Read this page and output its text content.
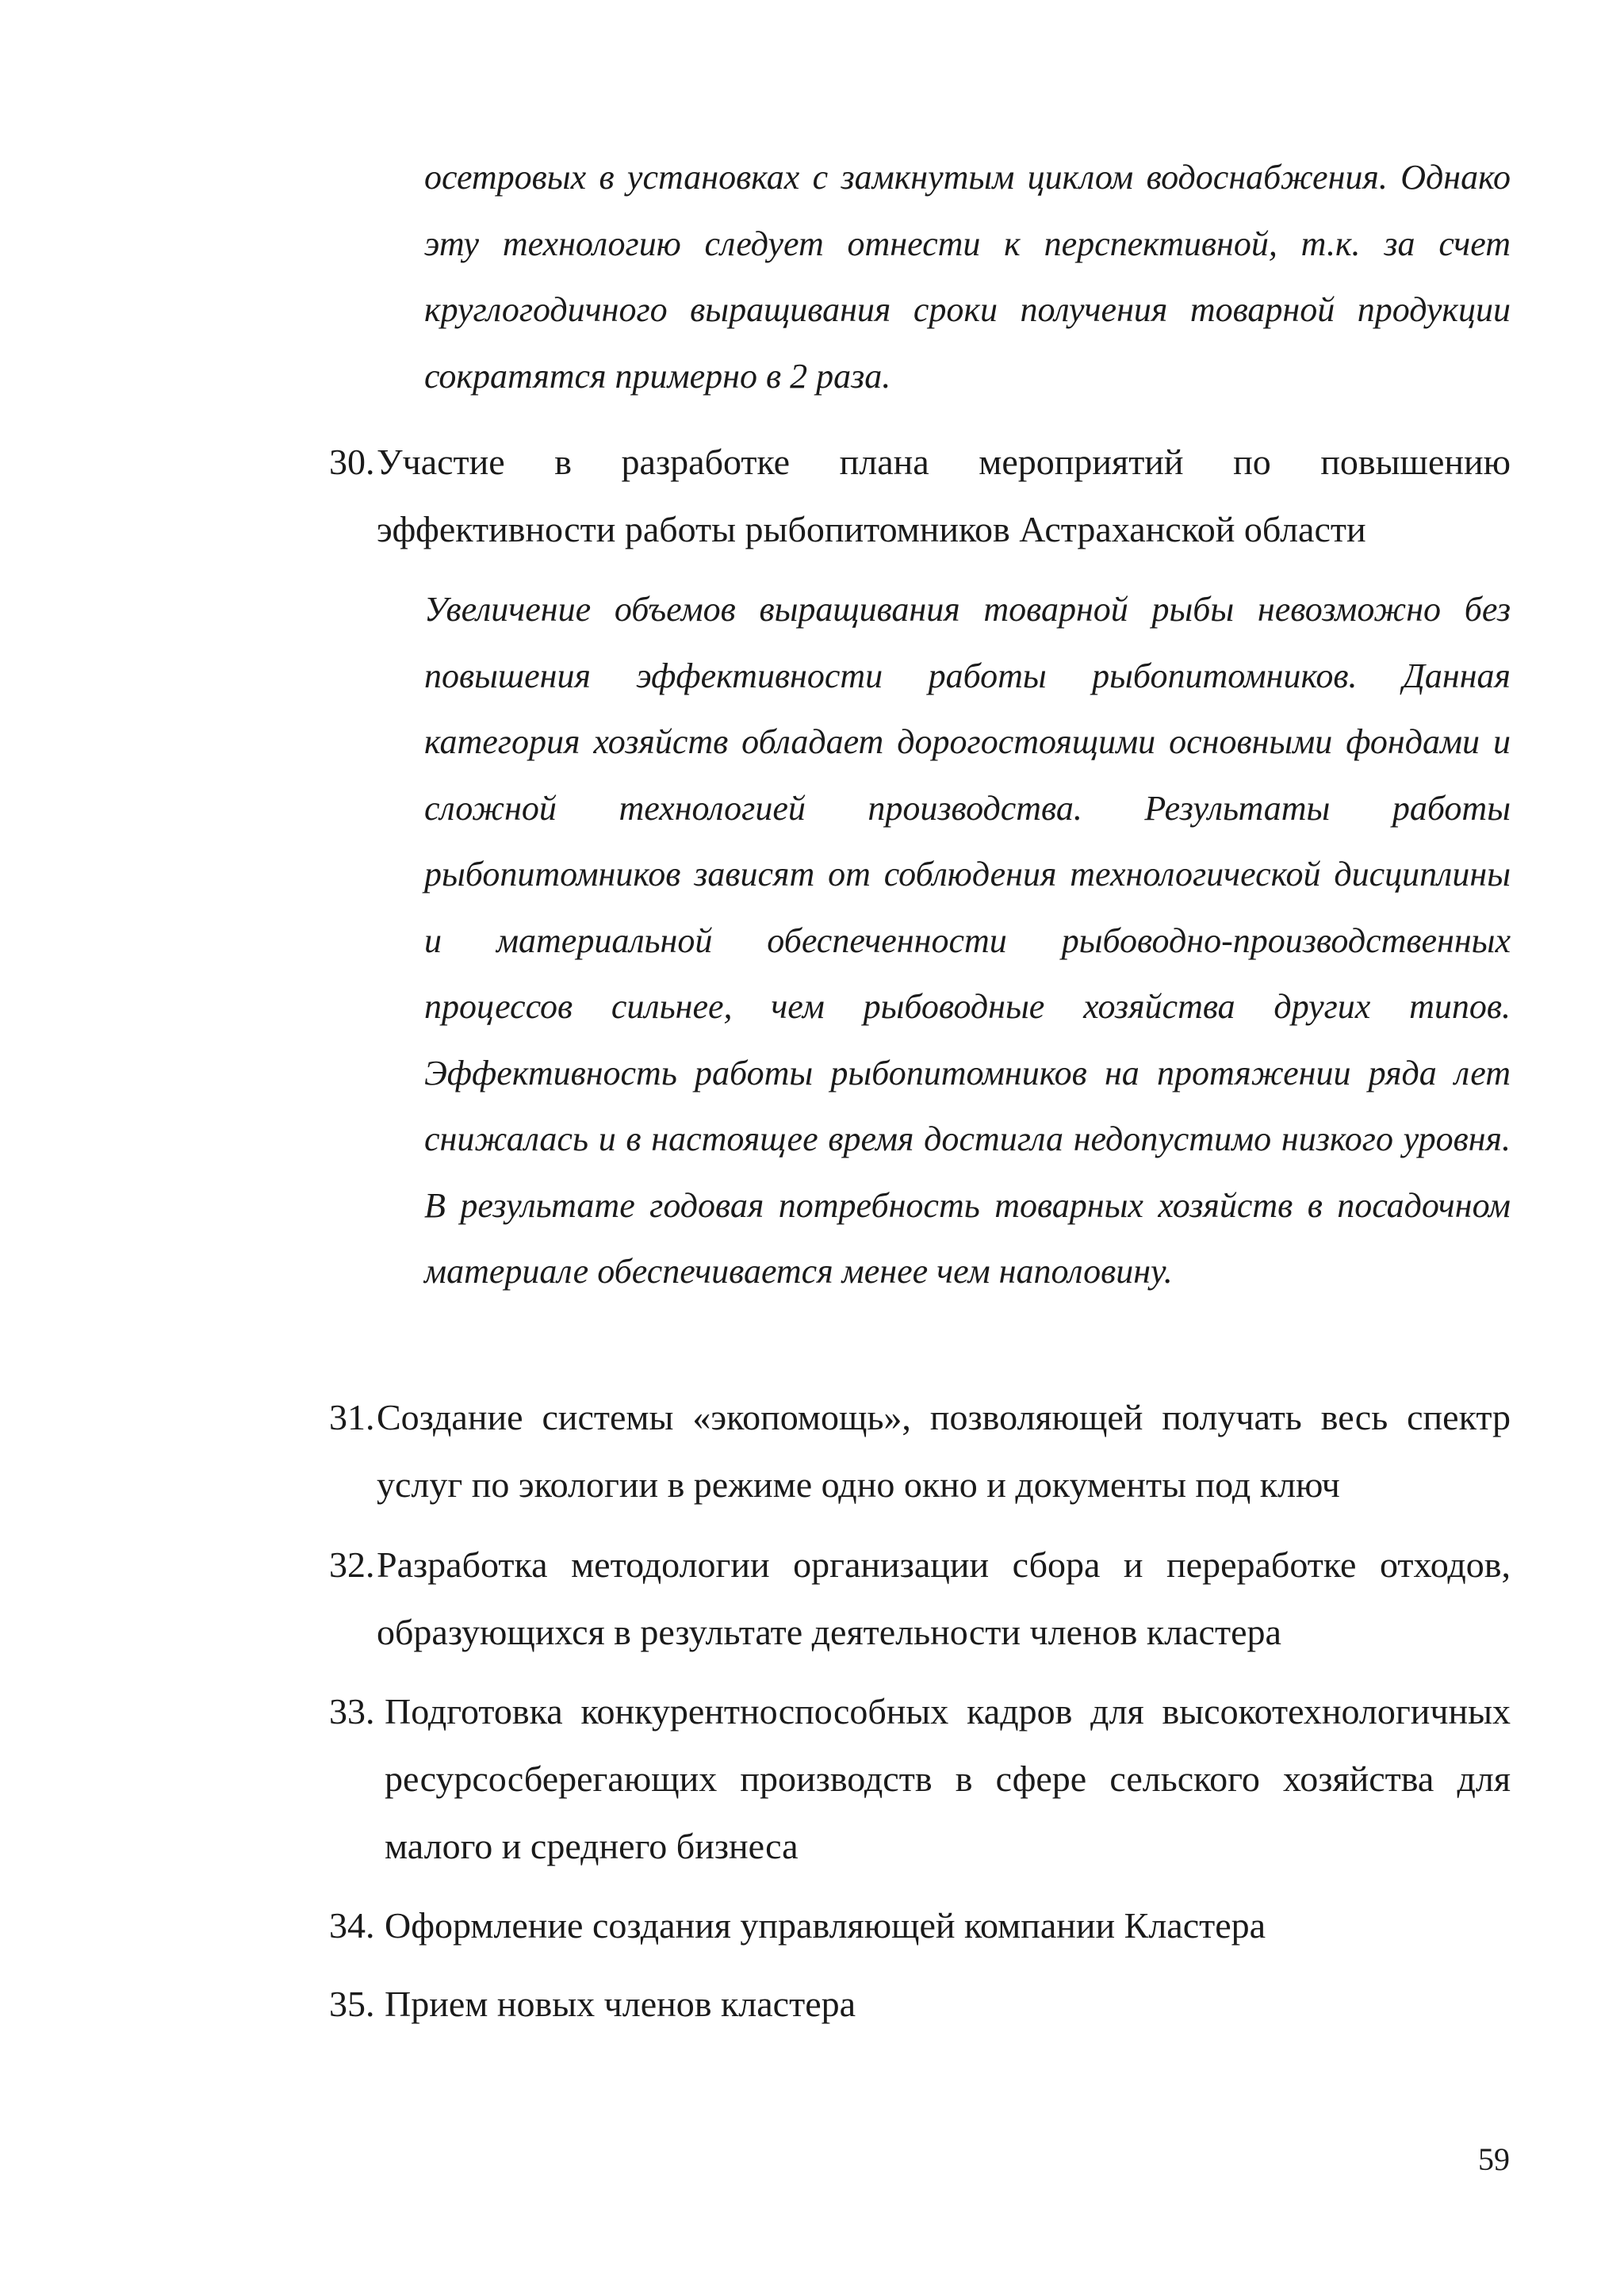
осетровых в установках с замкнутым циклом водоснабжения. Однако эту технологию следует отнести к перспективной, т.к. за счет круглогодичного выращивания сроки получения товарной продукции сократятся примерно в 2 раза.

30. Участие в разработке плана мероприятий по повышению эффективности работы рыбопитомников Астраханской области

Увеличение объемов выращивания товарной рыбы невозможно без повышения эффективности работы рыбопитомников. Данная категория хозяйств обладает дорогостоящими основными фондами и сложной технологией производства. Результаты работы рыбопитомников зависят от соблюдения технологической дисциплины и материальной обеспеченности рыбоводно-производственных процессов сильнее, чем рыбоводные хозяйства других типов. Эффективность работы рыбопитомников на протяжении ряда лет снижалась и в настоящее время достигла недопустимо низкого уровня. В результате годовая потребность товарных хозяйств в посадочном материале обеспечивается менее чем наполовину.

31. Создание системы «экопомощь», позволяющей получать весь спектр услуг по экологии в режиме одно окно и документы под ключ
32. Разработка методологии организации сбора и переработке отходов, образующихся в результате деятельности членов кластера
33. Подготовка конкурентноспособных кадров для высокотехнологичных ресурсосберегающих производств в сфере сельского хозяйства для малого и среднего бизнеса
34. Оформление создания управляющей компании Кластера
35. Прием новых членов кластера

59
